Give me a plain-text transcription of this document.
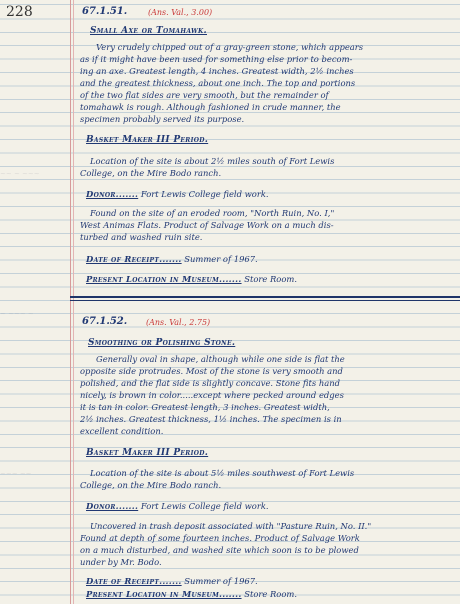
228
~~ ~ ~~~
~ ~~~ ~
~~~ ~~
67.1.51.	(Ans. Val., 3.00)
Small Axe or Tomahawk.
Very crudely chipped out of a gray-green stone, which appears
as if it might have been used for something else prior to becom-
ing an axe. Greatest length, 4 inches. Greatest width, 2½ inches
and the greatest thickness, about one inch. The top and portions
of the two flat sides are very smooth, but the remainder of
tomahawk is rough. Although fashioned in crude manner, the
specimen probably served its purpose.
Basket Maker III Period.
Location of the site is about 2½ miles south of Fort Lewis
College, on the Mire Bodo ranch.
Donor....... Fort Lewis College field work.
Found on the site of an eroded room, "North Ruin, No. I,"
West Animas Flats. Product of Salvage Work on a much dis-
turbed and washed ruin site.
Date of Receipt....... Summer of 1967.
Present Location in Museum....... Store Room.
67.1.52. (Ans. Val., 2.75)
Smoothing or Polishing Stone.
Generally oval in shape, although while one side is flat the
opposite side protrudes. Most of the stone is very smooth and
polished, and the flat side is slightly concave. Stone fits hand
nicely, is brown in color.....except where pecked around edges
it is tan in color. Greatest length, 3 inches. Greatest width,
2½ inches. Greatest thickness, 1½ inches. The specimen is in
excellent condition.
Basket Maker III Period.
Location of the site is about 5½ miles southwest of Fort Lewis
College, on the Mire Bodo ranch.
Donor....... Fort Lewis College field work.
Uncovered in trash deposit associated with "Pasture Ruin, No. II."
Found at depth of some fourteen inches. Product of Salvage Work
on a much disturbed, and washed site which soon is to be plowed
under by Mr. Bodo.
Date of Receipt....... Summer of 1967.
Present Location in Museum....... Store Room.
